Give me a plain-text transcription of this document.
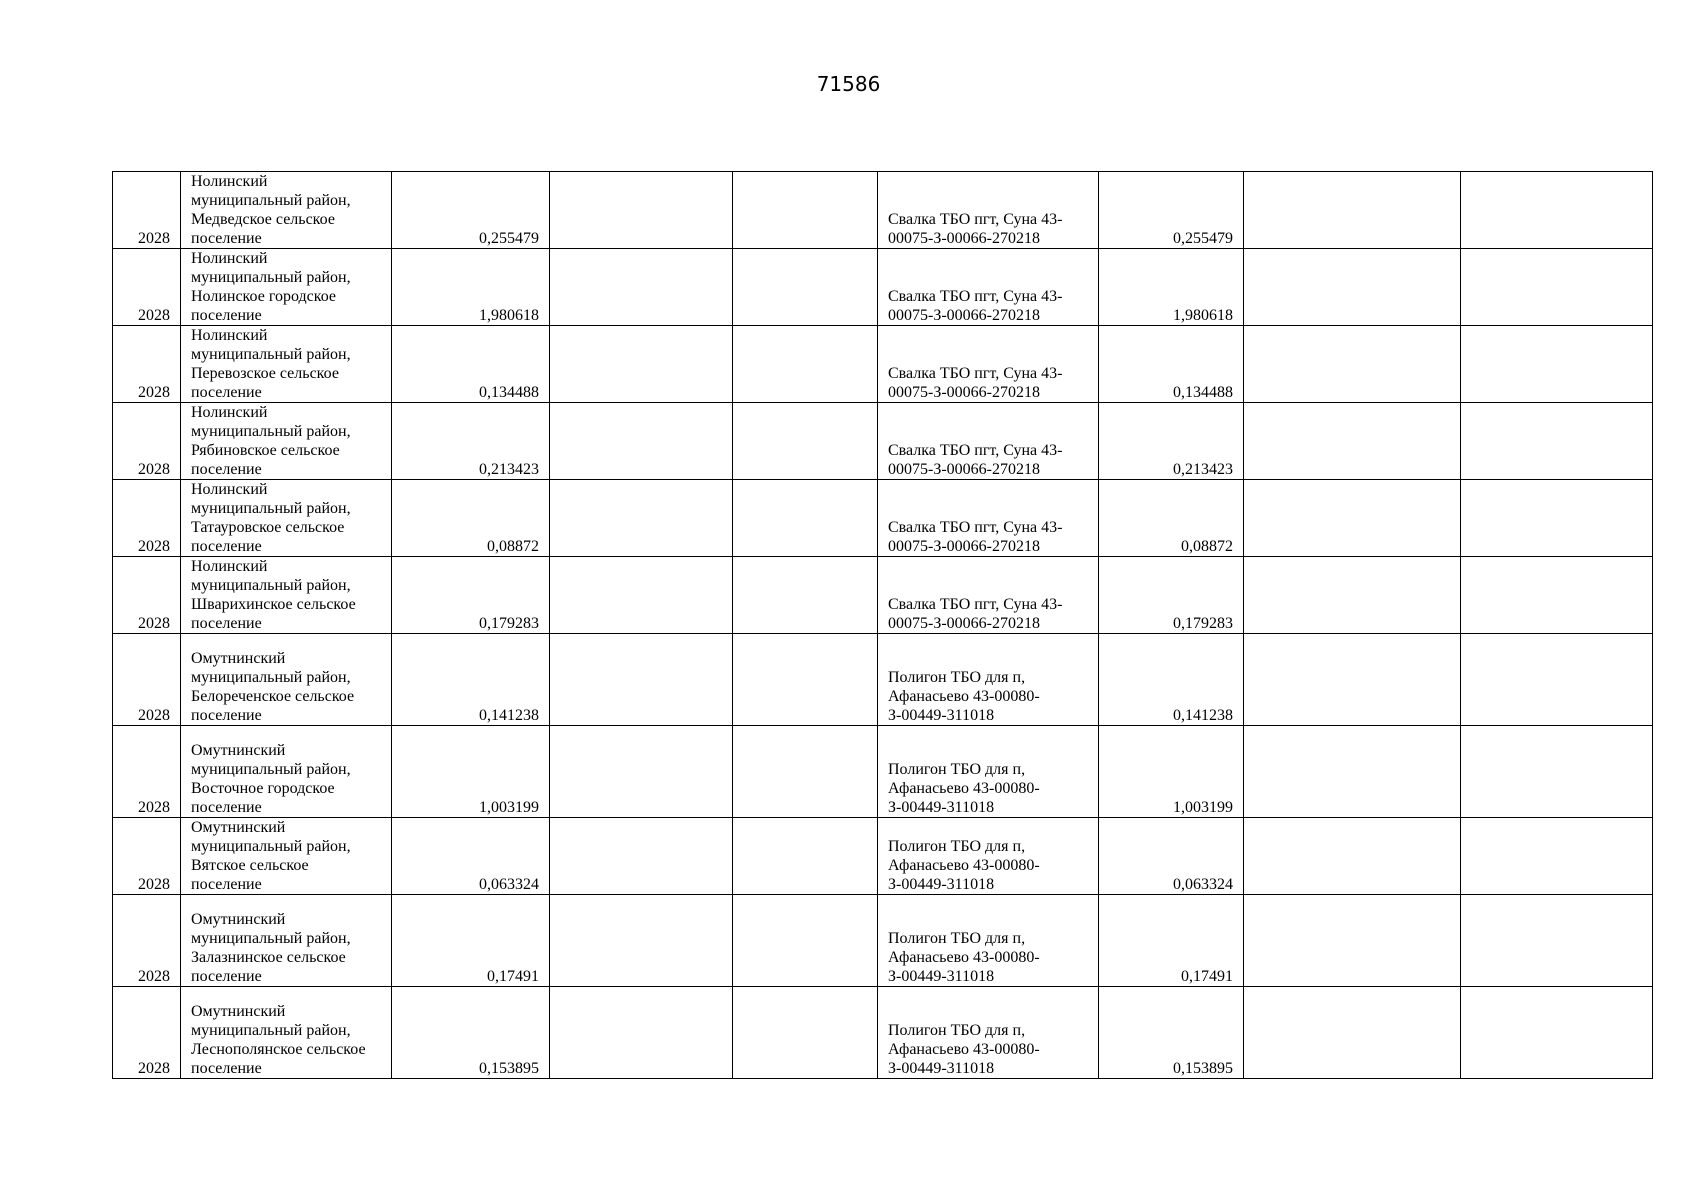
71586
2028	Нолинский муниципальный район, Медведское сельское поселение	0,255479			Свалка ТБО пгт, Суна 43-00075-З-00066-270218	0,255479		
2028	Нолинский муниципальный район, Нолинское городское поселение	1,980618			Свалка ТБО пгт, Суна 43-00075-З-00066-270218	1,980618		
2028	Нолинский муниципальный район, Перевозское сельское поселение	0,134488			Свалка ТБО пгт, Суна 43-00075-З-00066-270218	0,134488		
2028	Нолинский муниципальный район, Рябиновское сельское поселение	0,213423			Свалка ТБО пгт, Суна 43-00075-З-00066-270218	0,213423		
2028	Нолинский муниципальный район, Татауровское сельское поселение	0,08872			Свалка ТБО пгт, Суна 43-00075-З-00066-270218	0,08872		
2028	Нолинский муниципальный район, Шварихинское сельское поселение	0,179283			Свалка ТБО пгт, Суна 43-00075-З-00066-270218	0,179283		
2028	Омутнинский муниципальный район, Белореченское сельское поселение	0,141238			Полигон ТБО для п, Афанасьево 43-00080-З-00449-311018	0,141238		
2028	Омутнинский муниципальный район, Восточное городское поселение	1,003199			Полигон ТБО для п, Афанасьево 43-00080-З-00449-311018	1,003199		
2028	Омутнинский муниципальный район, Вятское сельское поселение	0,063324			Полигон ТБО для п, Афанасьево 43-00080-З-00449-311018	0,063324		
2028	Омутнинский муниципальный район, Залазнинское сельское поселение	0,17491			Полигон ТБО для п, Афанасьево 43-00080-З-00449-311018	0,17491		
2028	Омутнинский муниципальный район, Леснополянское сельское поселение	0,153895			Полигон ТБО для п, Афанасьево 43-00080-З-00449-311018	0,153895		
